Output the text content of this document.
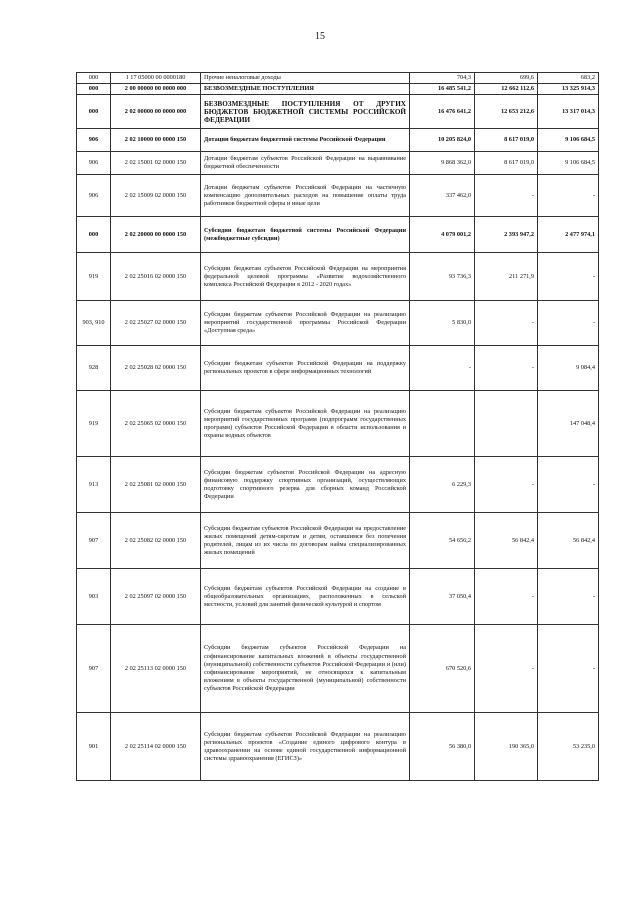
15
000	1 17 05000 00 0000180	Прочие неналоговые доходы	704,3	699,6	683,2
000	2 00 00000 00 0000 000	БЕЗВОЗМЕЗДНЫЕ ПОСТУПЛЕНИЯ	16 485 541,2	12 662 112,6	13 325 914,3
000	2 02 00000 00 0000 000	БЕЗВОЗМЕЗДНЫЕ ПОСТУПЛЕНИЯ ОТ ДРУГИХ БЮДЖЕТОВ БЮДЖЕТНОЙ СИСТЕМЫ РОССИЙСКОЙ ФЕДЕРАЦИИ	16 476 641,2	12 653 212,6	13 317 014,3
906	2 02 10000 00 0000 150	Дотации бюджетам бюджетной системы Российской Федерации	10 205 824,0	8 617 019,0	9 106 684,5
906	2 02 15001 02 0000 150	Дотации бюджетам субъектов Российской Федерации на выравнивание бюджетной обеспеченности	9 868 362,0	8 617 019,0	9 106 684,5
906	2 02 15009 02 0000 150	Дотации бюджетам субъектов Российской Федерации на частичную компенсацию дополнительных расходов на повышение оплаты труда работников бюджетной сферы и иные цели	337 462,0	-	-
000	2 02 20000 00 0000 150	Субсидии бюджетам бюджетной системы Российской Федерации (межбюджетные субсидии)	4 079 001,2	2 393 947,2	2 477 974,1
919	2 02 25016 02 0000 150	Субсидии бюджетам субъектов Российской Федерации на мероприятия федеральной целевой программы «Развитие водохозяйственного комплекса Российской Федерации в 2012 - 2020 годах»	93 736,3	211 271,9	-
903, 910	2 02 25027 02 0000 150	Субсидии бюджетам субъектов Российской Федерации на реализацию мероприятий государственной программы Российской Федерации «Доступная среда»	5 830,0	-	-
928	2 02 25028 02 0000 150	Субсидии бюджетам субъектов Российской Федерации на поддержку региональных проектов в сфере информационных технологий	-	-	9 084,4
919	2 02 25065 02 0000 150	Субсидии бюджетам субъектов Российской Федерации на реализацию мероприятий государственных программ (подпрограмм государственных программ) субъектов Российской Федерации в области использования и охраны водных объектов			147 048,4
913	2 02 25081 02 0000 150	Субсидии бюджетам субъектов Российской Федерации на адресную финансовую поддержку спортивных организаций, осуществляющих подготовку спортивного резерва для сборных команд Российской Федерации	6 229,3	-	-
907	2 02 25082 02 0000 150	Субсидии бюджетам субъектов Российской Федерации на предоставление жилых помещений детям-сиротам и детям, оставшимся без попечения родителей, лицам из их числа по договорам найма специализированных жилых помещений	54 656,2	56 842,4	56 842,4
903	2 02 25097 02 0000 150	Субсидии бюджетам субъектов Российской Федерации на создание в общеобразовательных организациях, расположенных в сельской местности, условий для занятий физической культурой и спортом	37 050,4	-	-
907	2 02 25113 02 0000 150	Субсидии бюджетам субъектов Российской Федерации на софинансирование капитальных вложений в объекты государственной (муниципальной) собственности субъектов Российской Федерации и (или) софинансирование мероприятий, не относящихся к капитальным вложениям в объекты государственной (муниципальной) собственности субъектов Российской Федерации	670 520,6	-	-
901	2 02 25114 02 0000 150	Субсидии бюджетам субъектов Российской Федерации на реализацию региональных проектов «Создание единого цифрового контура в здравоохранении на основе единой государственной информационной системы здравоохранения (ЕГИСЗ)»	56 380,0	190 365,0	53 235,0
